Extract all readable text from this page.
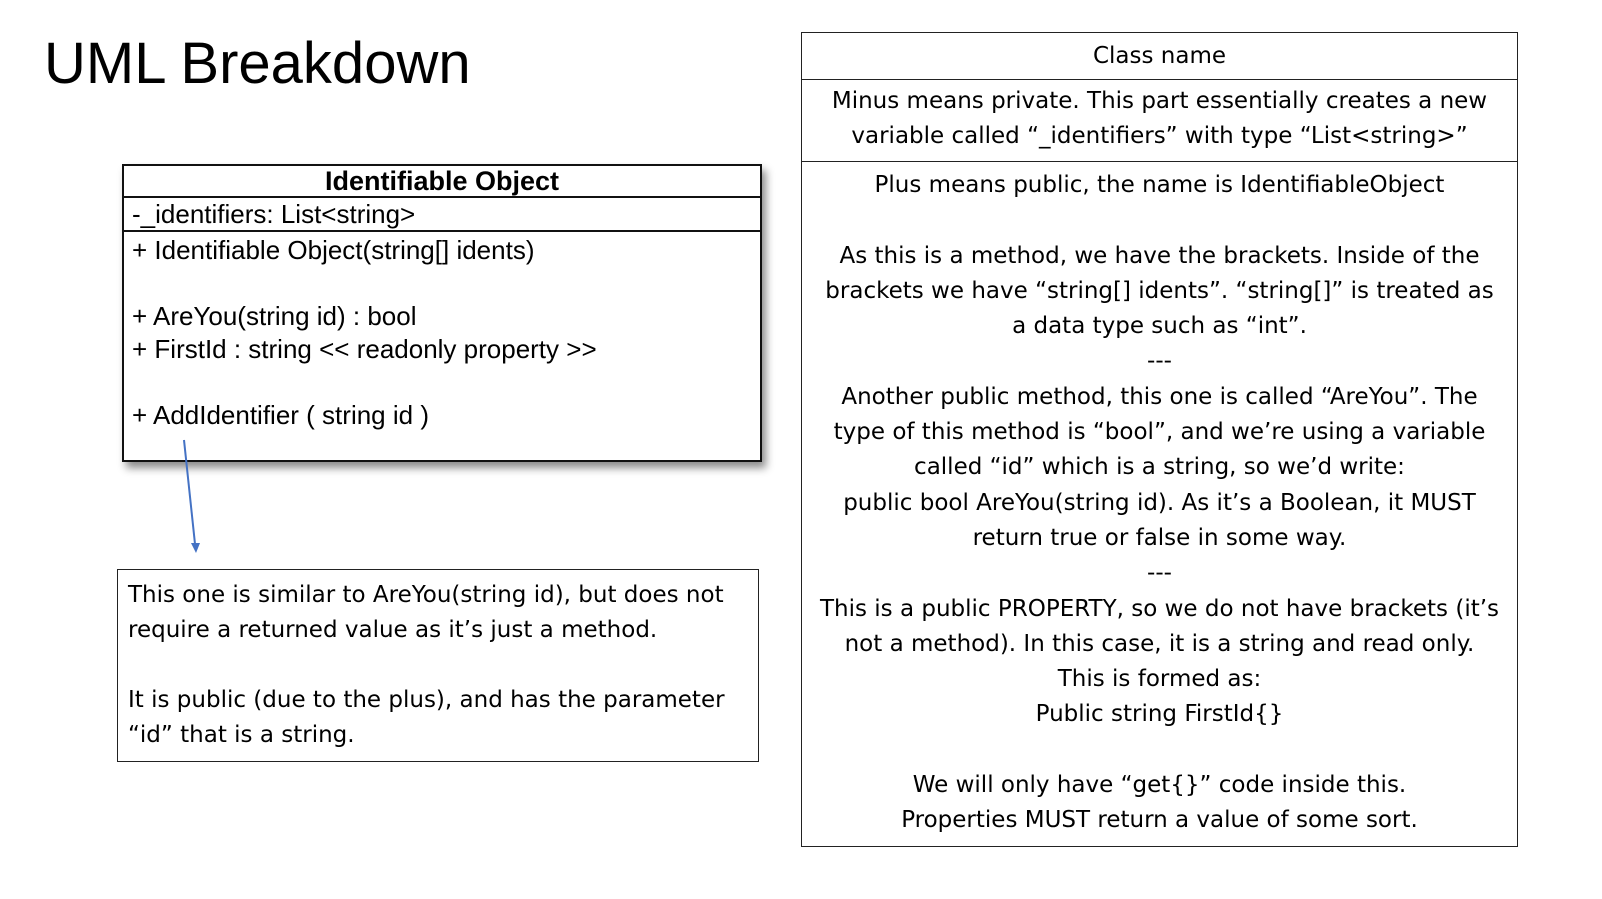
UML Breakdown
Identifiable Object
-_identifiers: List<string>
+ Identifiable Object(string[] idents)
+ AreYou(string id) : bool
+ FirstId : string << readonly property >>
+ AddIdentifier ( string id )

This one is similar to AreYou(string id), but does not

require a returned value as it’s just a method.

It is public (due to the plus), and has the parameter

“id” that is a string.

Class name
Minus means private. This part essentially creates a new
variable called “_identifiers” with type “List<string>”
Plus means public, the name is IdentifiableObject
As this is a method, we have the brackets. Inside of the
brackets we have “string[] idents”. “string[]” is treated as
a data type such as “int”.
---
Another public method, this one is called “AreYou”. The
type of this method is “bool”, and we’re using a variable
called “id” which is a string, so we’d write:
public bool AreYou(string id). As it’s a Boolean, it MUST
return true or false in some way.
---
This is a public PROPERTY, so we do not have brackets (it’s
not a method). In this case, it is a string and read only.
This is formed as:
Public string FirstId{}
We will only have “get{}” code inside this.
Properties MUST return a value of some sort.
